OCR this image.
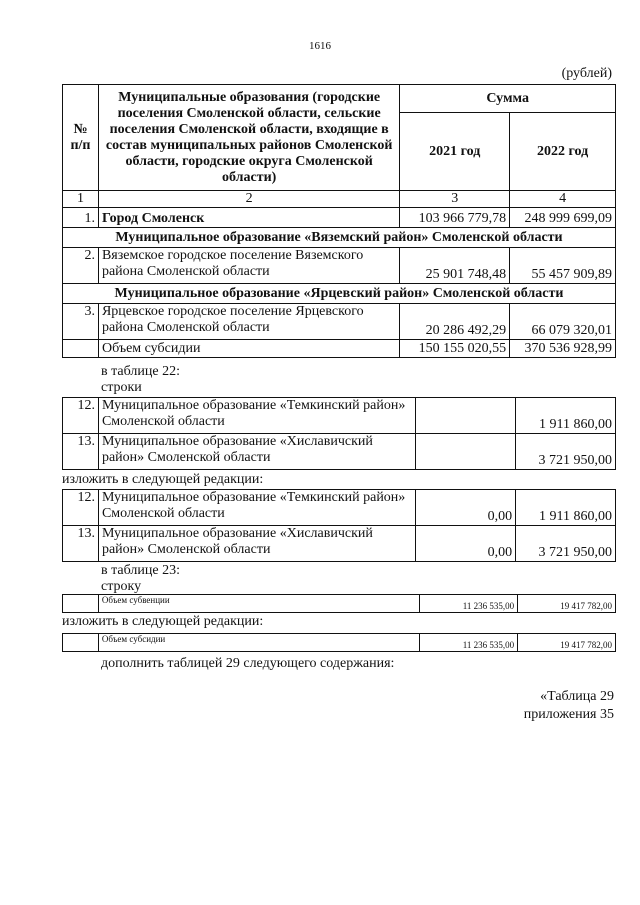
1616
(рублей)
№
п/п	Муниципальные образования (городские поселения Смоленской области, сельские поселения Смоленской области, входящие в состав муниципальных районов Смоленской области, городские округа Смоленской области)	Сумма	
		2021 год	2022 год
1	2	3	4
1.	Город Смоленск	103 966 779,78	248 999 699,09
Муниципальное образование «Вяземский район» Смоленской области			
2.	Вяземское городское поселение Вяземского района Смоленской области	25 901 748,48	55 457 909,89
Муниципальное образование «Ярцевский район» Смоленской области			
3.	Ярцевское городское поселение Ярцевского района Смоленской области	20 286 492,29	66 079 320,01
	Объем субсидии	150 155 020,55	370 536 928,99
в таблице 22:
строки
12.	Муниципальное образование «Темкинский район» Смоленской области		1 911 860,00
13.	Муниципальное образование «Хиславичский район» Смоленской области		3 721 950,00
изложить в следующей редакции:
12.	Муниципальное образование «Темкинский район» Смоленской области	0,00	1 911 860,00
13.	Муниципальное образование «Хиславичский район» Смоленской области	0,00	3 721 950,00
в таблице 23:
строку
	Объем субвенции	11 236 535,00	19 417 782,00
изложить в следующей редакции:
	Объем субсидии	11 236 535,00	19 417 782,00
дополнить таблицей 29 следующего содержания:
«Таблица 29
приложения 35
